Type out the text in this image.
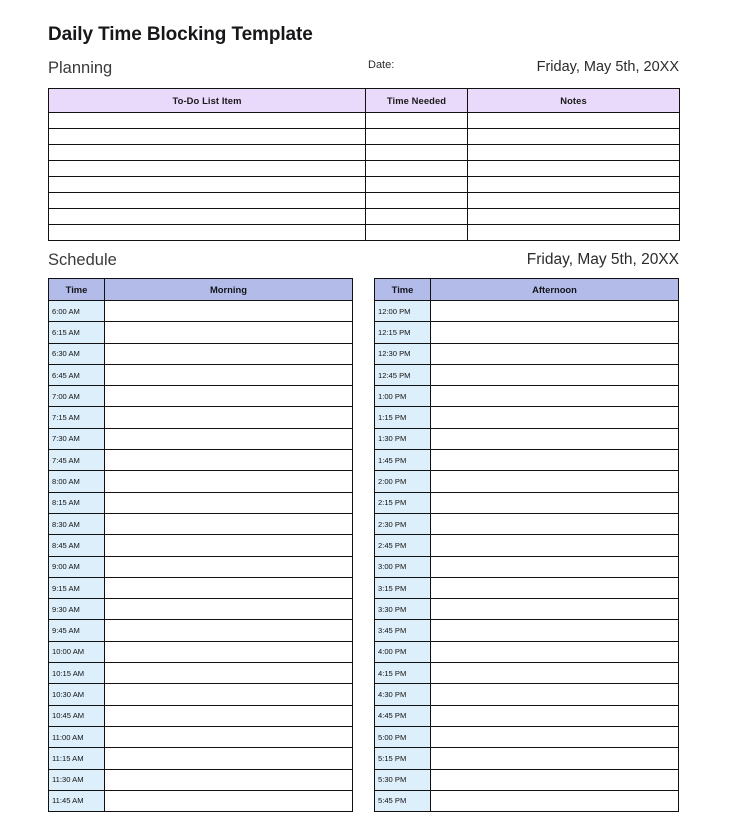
Daily Time Blocking Template
Planning	Date:	Friday, May 5th, 20XX
To-Do List Item	Time Needed	Notes

Schedule	Friday, May 5th, 20XX
Time	Morning
6:00 AM	
6:15 AM	
6:30 AM	
6:45 AM	
7:00 AM	
7:15 AM	
7:30 AM	
7:45 AM	
8:00 AM	
8:15 AM	
8:30 AM	
8:45 AM	
9:00 AM	
9:15 AM	
9:30 AM	
9:45 AM	
10:00 AM	
10:15 AM	
10:30 AM	
10:45 AM	
11:00 AM	
11:15 AM	
11:30 AM	
11:45 AM	
Time	Afternoon
12:00 PM	
12:15 PM	
12:30 PM	
12:45 PM	
1:00 PM	
1:15 PM	
1:30 PM	
1:45 PM	
2:00 PM	
2:15 PM	
2:30 PM	
2:45 PM	
3:00 PM	
3:15 PM	
3:30 PM	
3:45 PM	
4:00 PM	
4:15 PM	
4:30 PM	
4:45 PM	
5:00 PM	
5:15 PM	
5:30 PM	
5:45 PM	
